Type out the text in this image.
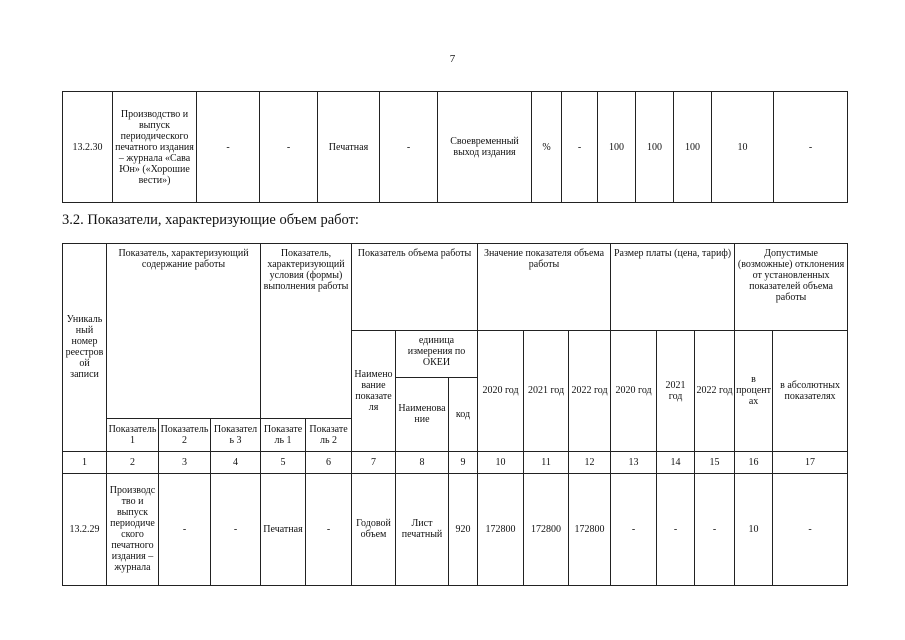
7
13.2.30	Производство и выпуск периодического печатного издания – журнала «Сава Юн» («Хорошие вести»)	-	-	Печатная	-	Своевременный выход издания	%	-	100	100	100	10	-
3.2. Показатели, характеризующие объем работ:
Уникальный номер реестровой записи	Показатель, характеризующий содержание работы			Показатель, характеризующий условия (формы) выполнения работы		Показатель объема работы			Значение показателя объема работы			Размер платы (цена, тариф)			Допустимые (возможные) отклонения от установленных показателей объема работы	
						Наименование показателя	единица измерения по ОКЕИ		2020 год	2021 год	2022 год	2020 год	2021 год	2022 год	в процентах	в абсолютных показателях
							Наименование	код								
	Показатель 1	Показатель 2	Показатель 3	Показатель 1	Показатель 2											
1	2	3	4	5	6	7	8	9	10	11	12	13	14	15	16	17
13.2.29	Производство и выпуск периодического печатного издания – журнала	-	-	Печатная	-	Годовой объем	Лист печатный	920	172800	172800	172800	-	-	-	10	-
